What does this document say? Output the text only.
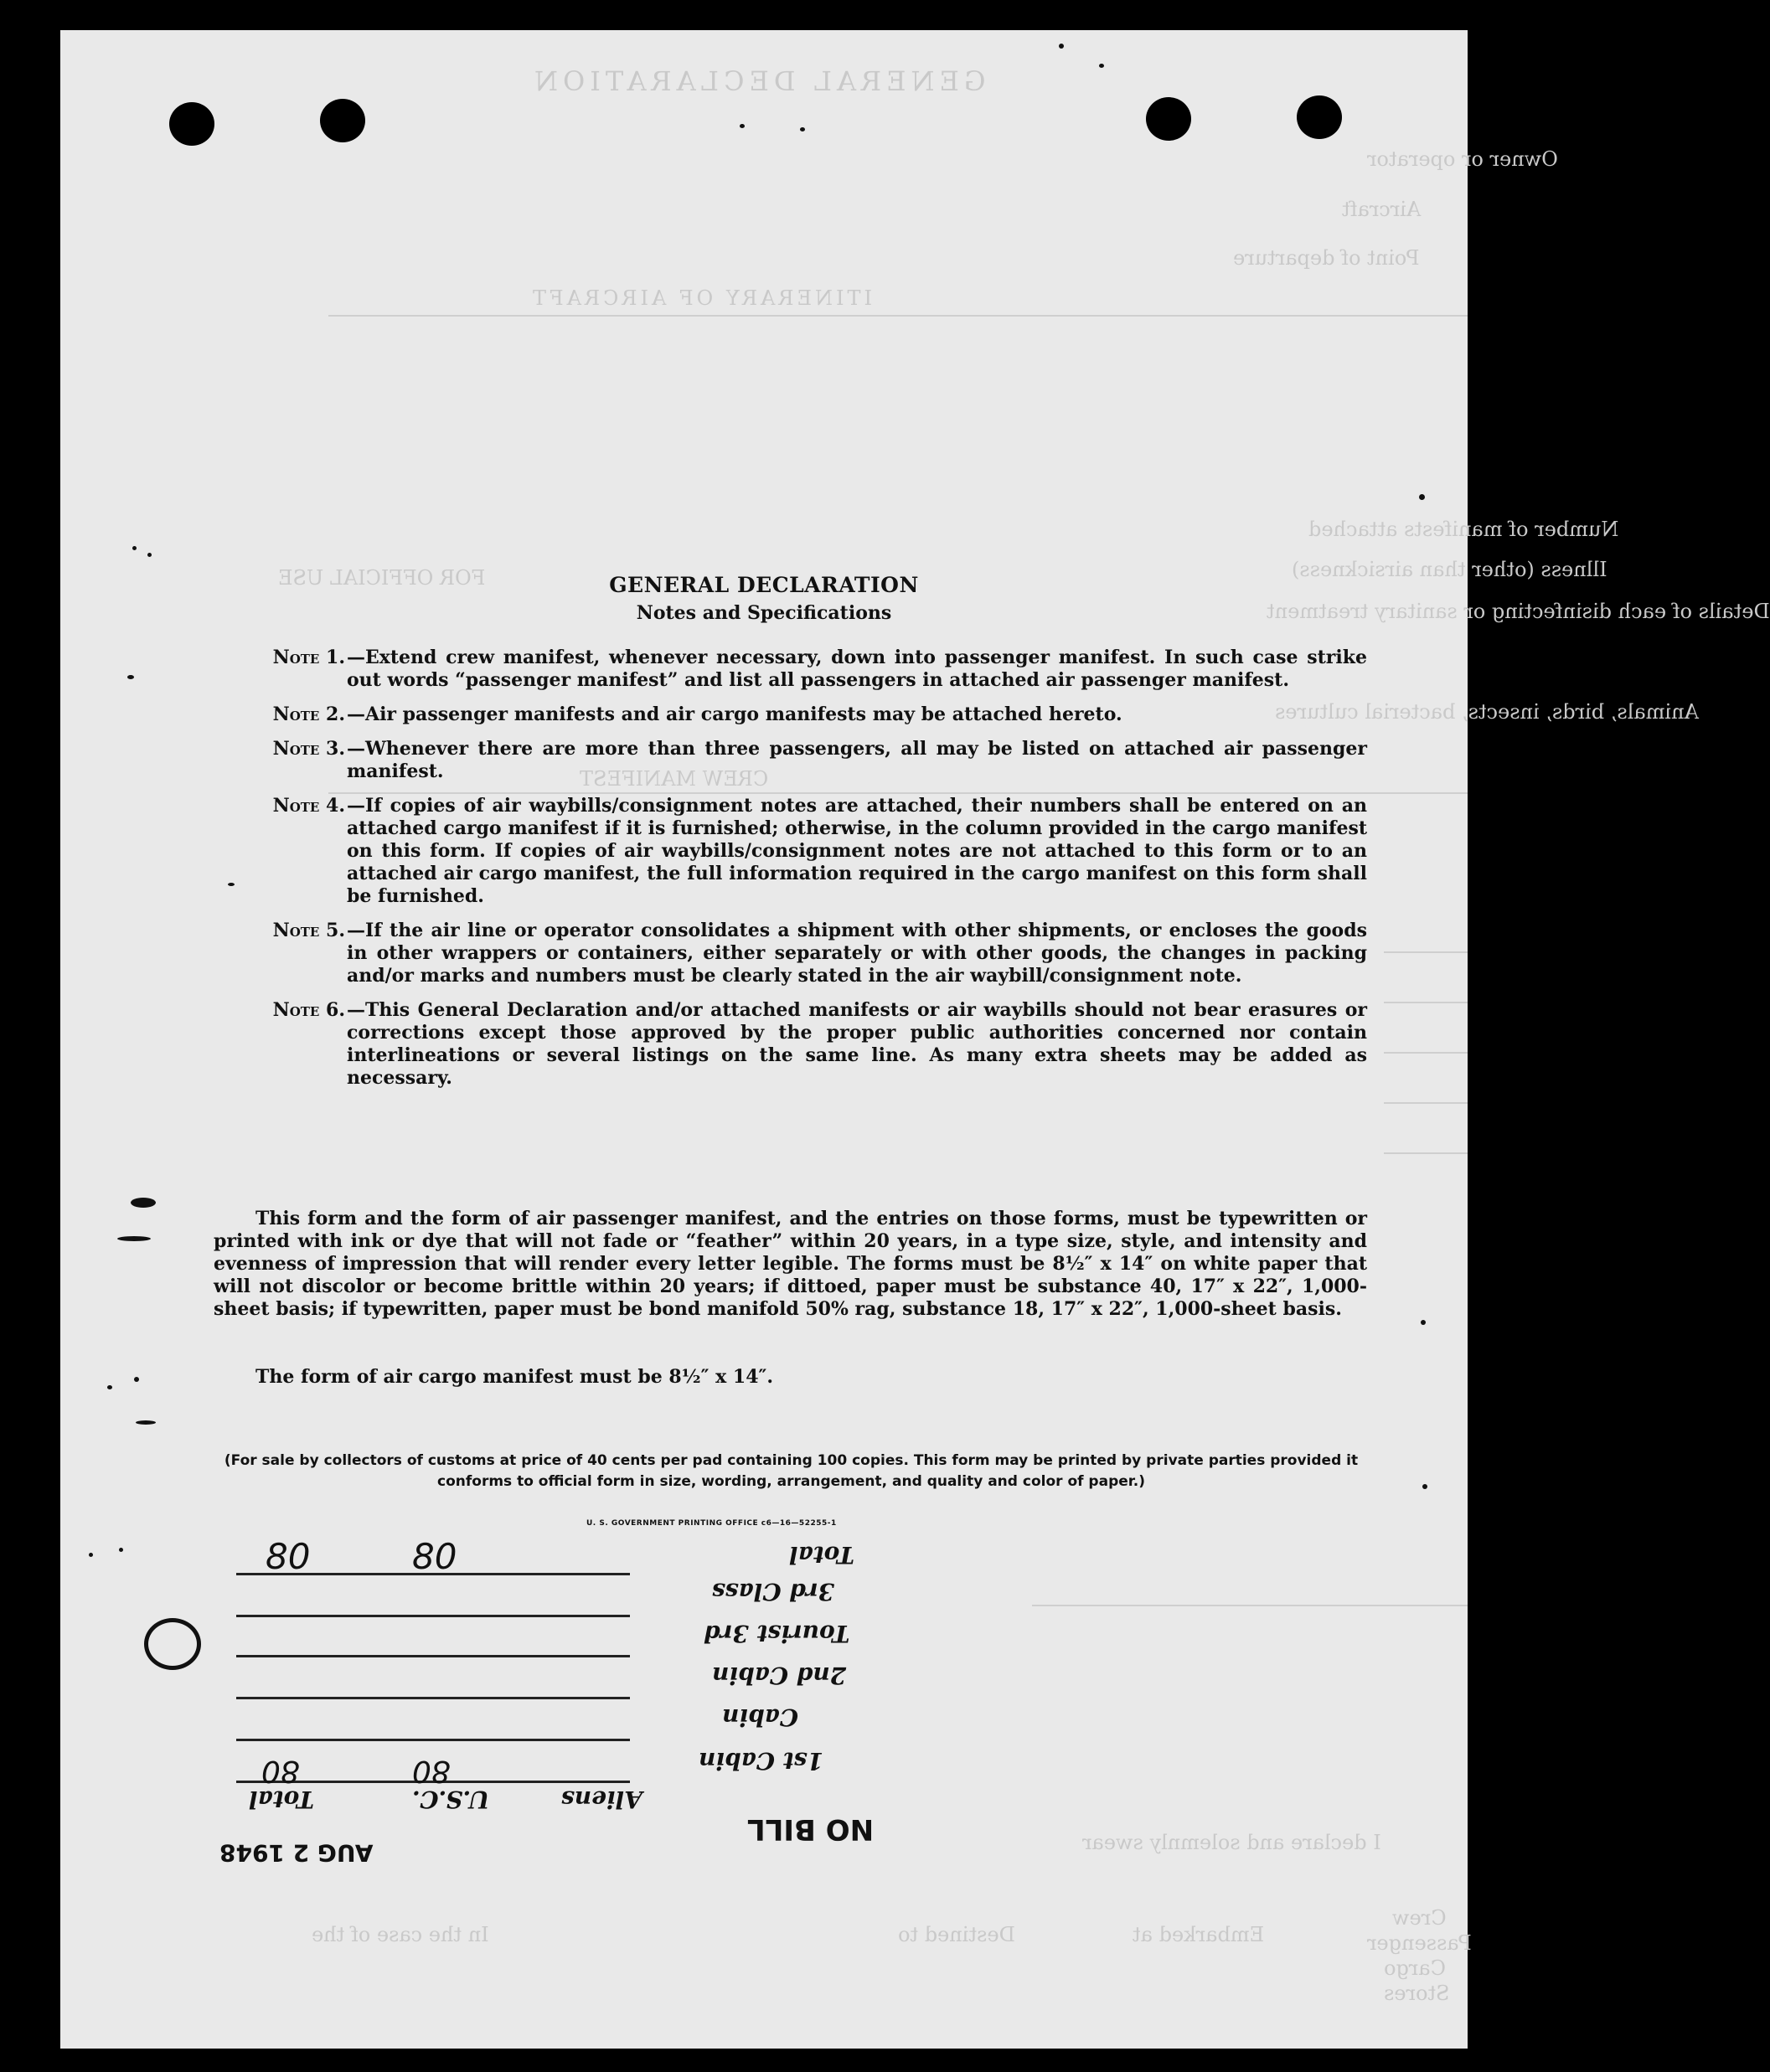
GENERAL DECLARATION
Owner or operator
Aircraft
Point of departure
ITINERARY OF AIRCRAFT
Number of manifests attached
Illness (other than airsickness)
Details of each disinfecting or sanitary treatment
FOR OFFICIAL USE
Animals, birds, insects, bacterial cultures
CREW MANIFEST
I declare and solemnly swear
Crew
Passenger
Cargo
Stores
Embarked at
Destined to
In the case of the
GENERAL DECLARATION
Notes and Specifications
Note 1. —Extend crew manifest, whenever necessary, down into passenger manifest. In such case strike out words “passenger manifest” and list all passengers in attached air passenger manifest.
Note 2. —Air passenger manifests and air cargo manifests may be attached hereto.
Note 3. —Whenever there are more than three passengers, all may be listed on attached air passenger manifest.
Note 4. —If copies of air waybills/consignment notes are attached, their numbers shall be entered on an attached cargo manifest if it is furnished; otherwise, in the column provided in the cargo manifest on this form. If copies of air waybills/consignment notes are not attached to this form or to an attached air cargo manifest, the full information required in the cargo manifest on this form shall be furnished.
Note 5. —If the air line or operator consolidates a shipment with other shipments, or encloses the goods in other wrappers or containers, either separately or with other goods, the changes in packing and/or marks and numbers must be clearly stated in the air waybill/consignment note.
Note 6. —This General Declaration and/or attached manifests or air waybills should not bear erasures or corrections except those approved by the proper public authorities concerned nor contain interlineations or several listings on the same line. As many extra sheets may be added as necessary.
This form and the form of air passenger manifest, and the entries on those forms, must be typewritten or printed with ink or dye that will not fade or “feather” within 20 years, in a type size, style, and intensity and evenness of impression that will render every letter legible. The forms must be 8½″ x 14″ on white paper that will not discolor or become brittle within 20 years; if dittoed, paper must be substance 40, 17″ x 22″, 1,000-sheet basis; if typewritten, paper must be bond manifold 50% rag, substance 18, 17″ x 22″, 1,000-sheet basis.
The form of air cargo manifest must be 8½″ x 14″.
(For sale by collectors of customs at price of 40 cents per pad containing 100 copies. This form may be printed by private parties provided it conforms to official form in size, wording, arrangement, and quality and color of paper.)
U. S. GOVERNMENT PRINTING OFFICE c6—16—52255-1
Total
3rd Class
Tourist 3rd
2nd Cabin
Cabin
1st Cabin
Aliens
U.S.C.
Total
80
80
80
80
NO BILL
AUG 2 1948
